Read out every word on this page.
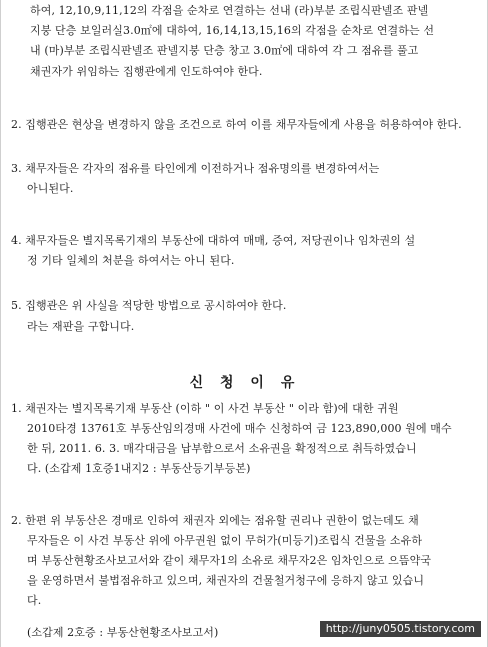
하여, 12,10,9,11,12의 각점을 순차로 연결하는 선내 (라)부분 조립식판넬조 판넬
지붕 단층 보일러실3.0㎡에 대하여, 16,14,13,15,16의 각점을 순차로 연결하는 선
내 (마)부분 조립식판넬조 판넬지붕 단층 창고 3.0㎡에 대하여 각 그 점유를 풀고
채권자가 위임하는 집행관에게 인도하여야 한다.
2. 집행관은 현상을 변경하지 않을 조건으로 하여 이를 채무자들에게 사용을 허용하여야 한다.
3. 채무자들은 각자의 점유를 타인에게 이전하거나 점유명의를 변경하여서는
아니된다.
4. 채무자들은 별지목록기재의 부동산에 대하여 매매, 증여, 저당권이나 임차권의 설
정 기타 일체의 처분을 하여서는 아니 된다.
5. 집행관은 위 사실을 적당한 방법으로 공시하여야 한다.
라는 재판을 구합니다.
신 청 이 유
1. 채권자는 별지목록기재 부동산 (이하 " 이 사건 부동산 " 이라 함)에 대한 귀원
2010타경 13761호 부동산임의경매 사건에 매수 신청하여 금 123,890,000 원에 매수
한 뒤, 2011. 6. 3. 매각대금을 납부함으로서 소유권을 확정적으로 취득하였습니
다. (소갑제 1호증1내지2 : 부동산등기부등본)
2. 한편 위 부동산은 경매로 인하여 채권자 외에는 점유할 권리나 권한이 없는데도 채
무자들은 이 사건 부동산 위에 아무권원 없이 무허가(미등기)조립식 건물을 소유하
며 부동산현황조사보고서와 같이 채무자1의 소유로 채무자2은 임차인으로 으뜸약국
을 운영하면서 불법점유하고 있으며, 채권자의 건물철거청구에 응하지 않고 있습니
다.
(소갑제 2호증 : 부동산현황조사보고서)	http://juny0505.tistory.com
